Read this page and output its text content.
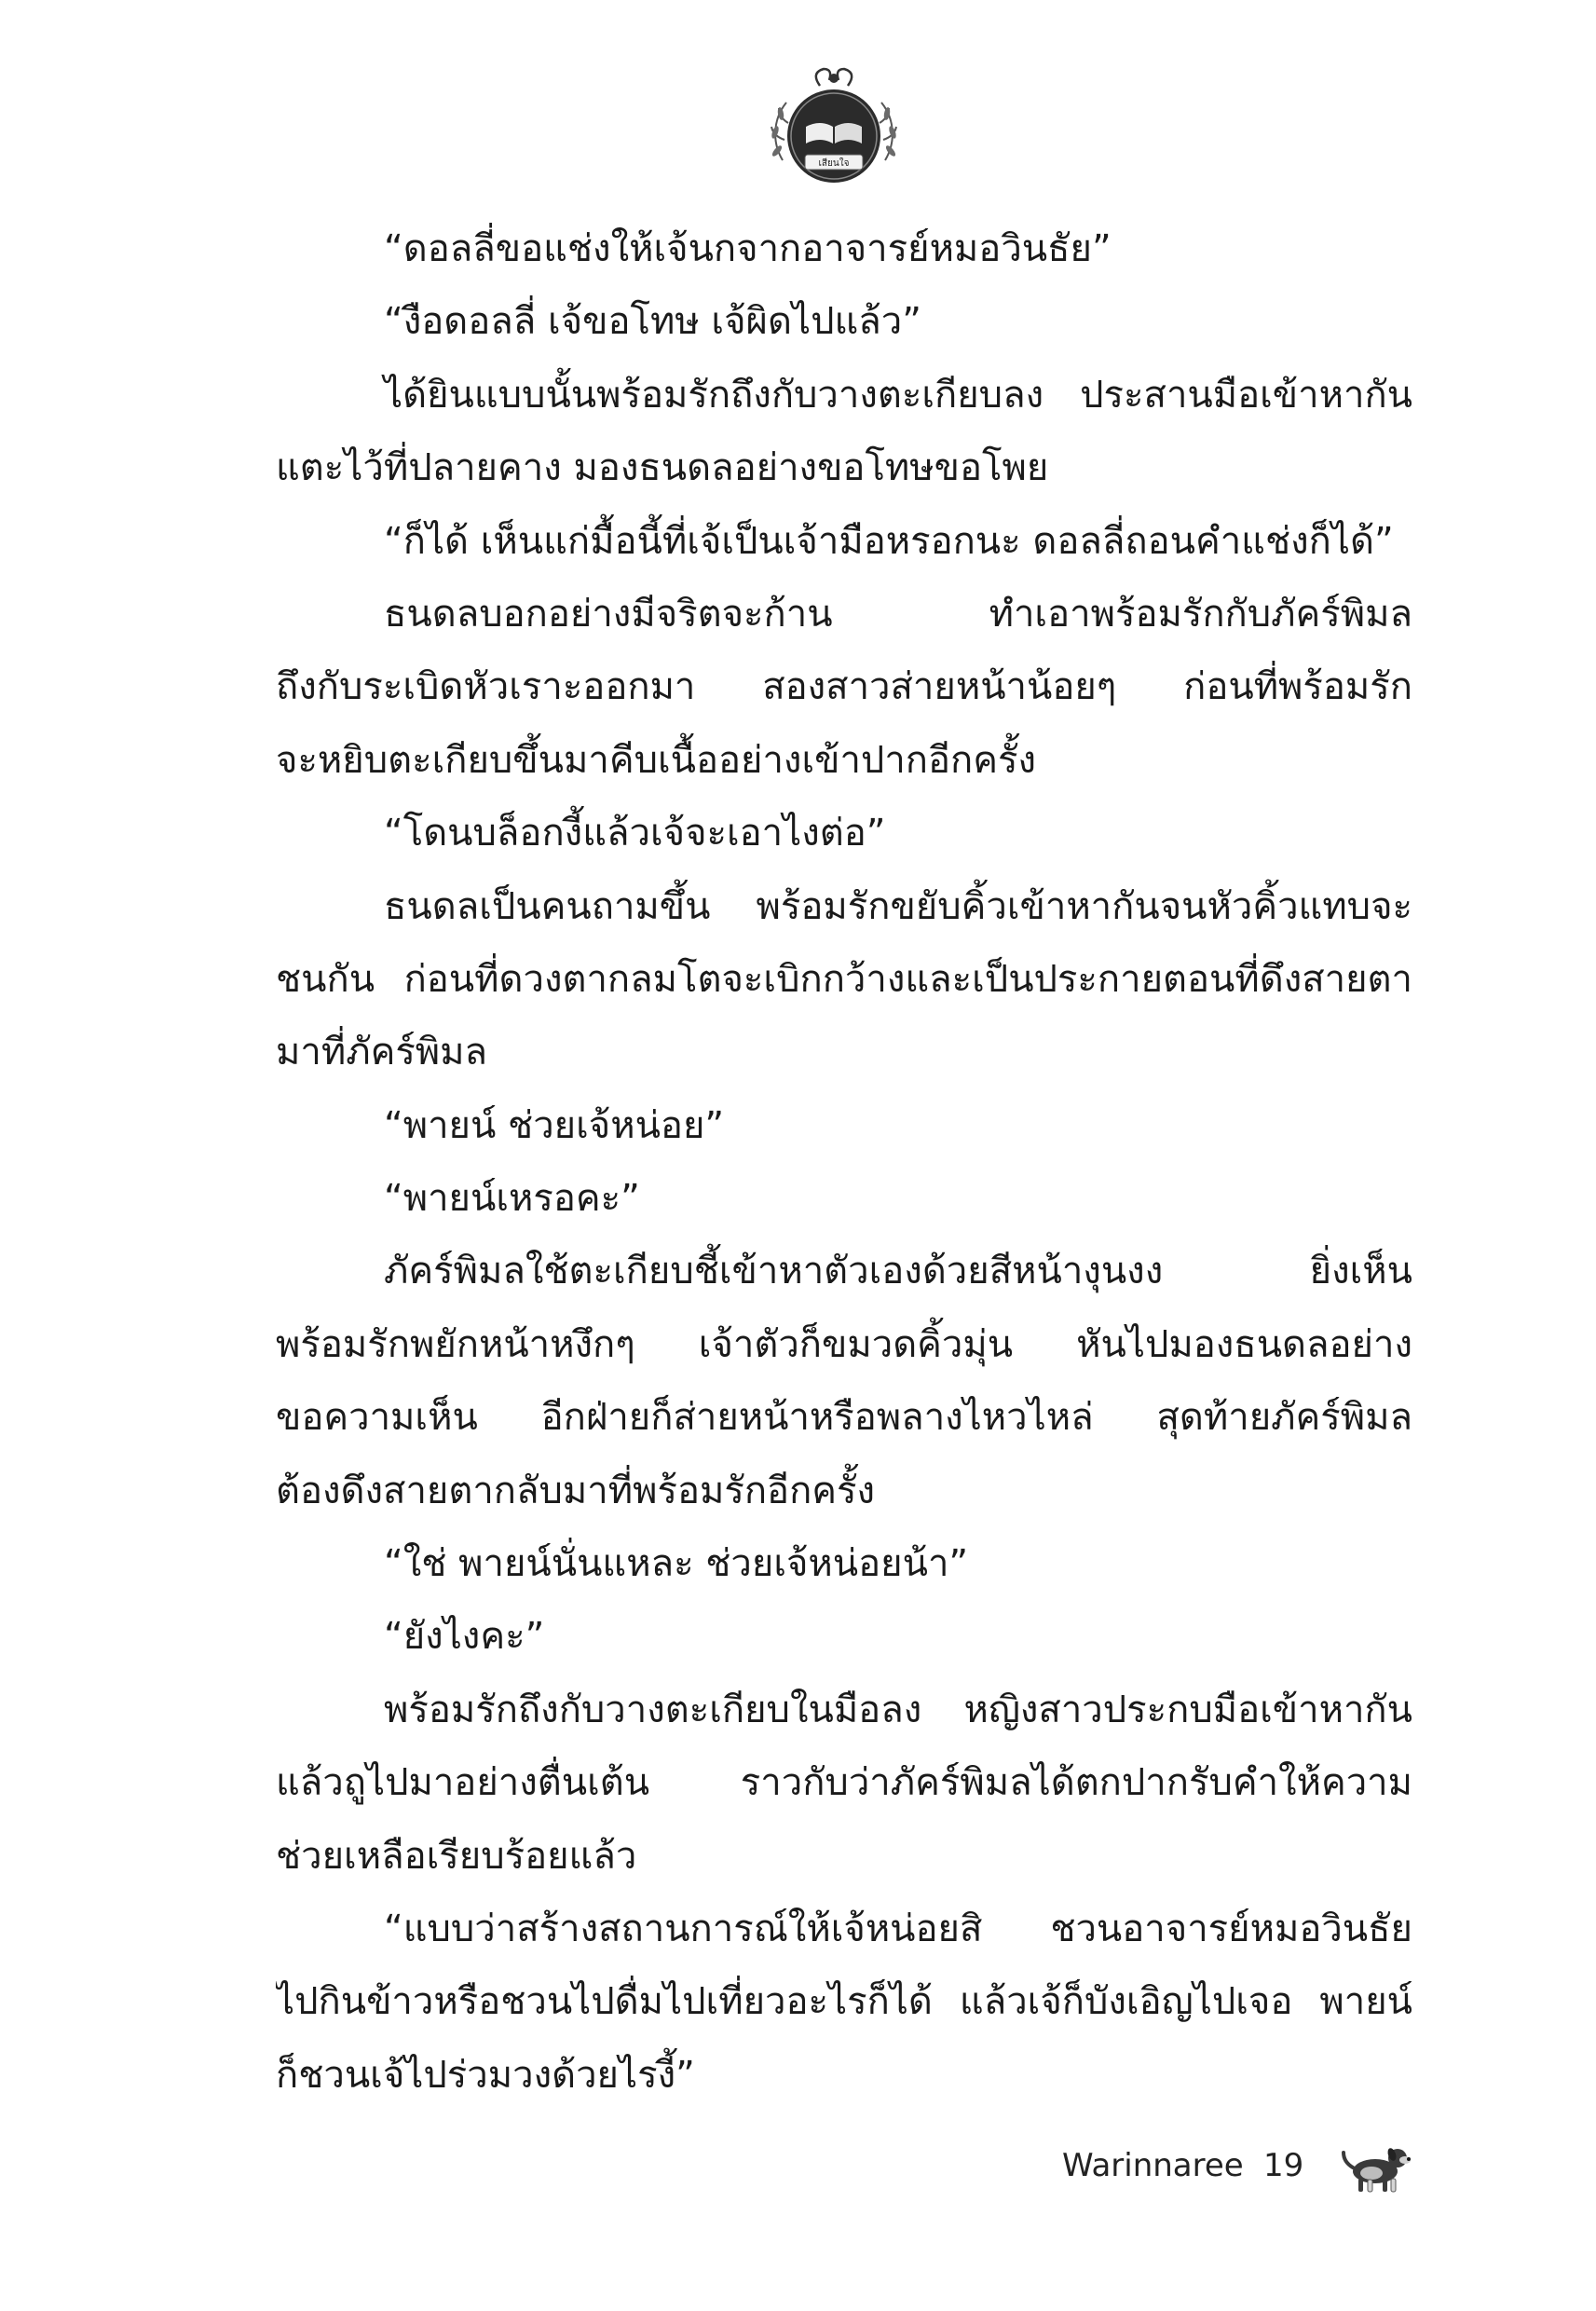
เสียนใจ
“ดอลลี่ขอแช่งให้เจ้นกจากอาจารย์หมอวินธัย”
“งือดอลลี่ เจ้ขอโทษ เจ้ผิดไปแล้ว”
ได้ยินแบบนั้นพร้อมรักถึงกับวางตะเกียบลง ประสานมือเข้าหากัน
แตะไว้ที่ปลายคาง มองธนดลอย่างขอโทษขอโพย
“ก็ได้ เห็นแก่มื้อนี้ที่เจ้เป็นเจ้ามือหรอกนะ ดอลลี่ถอนคำแช่งก็ได้”
ธนดลบอกอย่างมีจริตจะก้าน ทำเอาพร้อมรักกับภัคร์พิมล
ถึงกับระเบิดหัวเราะออกมา สองสาวส่ายหน้าน้อยๆ ก่อนที่พร้อมรัก
จะหยิบตะเกียบขึ้นมาคีบเนื้ออย่างเข้าปากอีกครั้ง
“โดนบล็อกงี้แล้วเจ้จะเอาไงต่อ”
ธนดลเป็นคนถามขึ้น พร้อมรักขยับคิ้วเข้าหากันจนหัวคิ้วแทบจะ
ชนกัน ก่อนที่ดวงตากลมโตจะเบิกกว้างและเป็นประกายตอนที่ดึงสายตา
มาที่ภัคร์พิมล
“พายน์ ช่วยเจ้หน่อย”
“พายน์เหรอคะ”
ภัคร์พิมลใช้ตะเกียบชี้เข้าหาตัวเองด้วยสีหน้างุนงง ยิ่งเห็น
พร้อมรักพยักหน้าหงึกๆ เจ้าตัวก็ขมวดคิ้วมุ่น หันไปมองธนดลอย่าง
ขอความเห็น อีกฝ่ายก็ส่ายหน้าหรือพลางไหวไหล่ สุดท้ายภัคร์พิมล
ต้องดึงสายตากลับมาที่พร้อมรักอีกครั้ง
“ใช่ พายน์นั่นแหละ ช่วยเจ้หน่อยน้า”
“ยังไงคะ”
พร้อมรักถึงกับวางตะเกียบในมือลง หญิงสาวประกบมือเข้าหากัน
แล้วถูไปมาอย่างตื่นเต้น ราวกับว่าภัคร์พิมลได้ตกปากรับคำให้ความ
ช่วยเหลือเรียบร้อยแล้ว
“แบบว่าสร้างสถานการณ์ให้เจ้หน่อยสิ ชวนอาจารย์หมอวินธัย
ไปกินข้าวหรือชวนไปดื่มไปเที่ยวอะไรก็ได้ แล้วเจ้ก็บังเอิญไปเจอ พายน์
ก็ชวนเจ้ไปร่วมวงด้วยไรงี้”
Warinnaree 19
